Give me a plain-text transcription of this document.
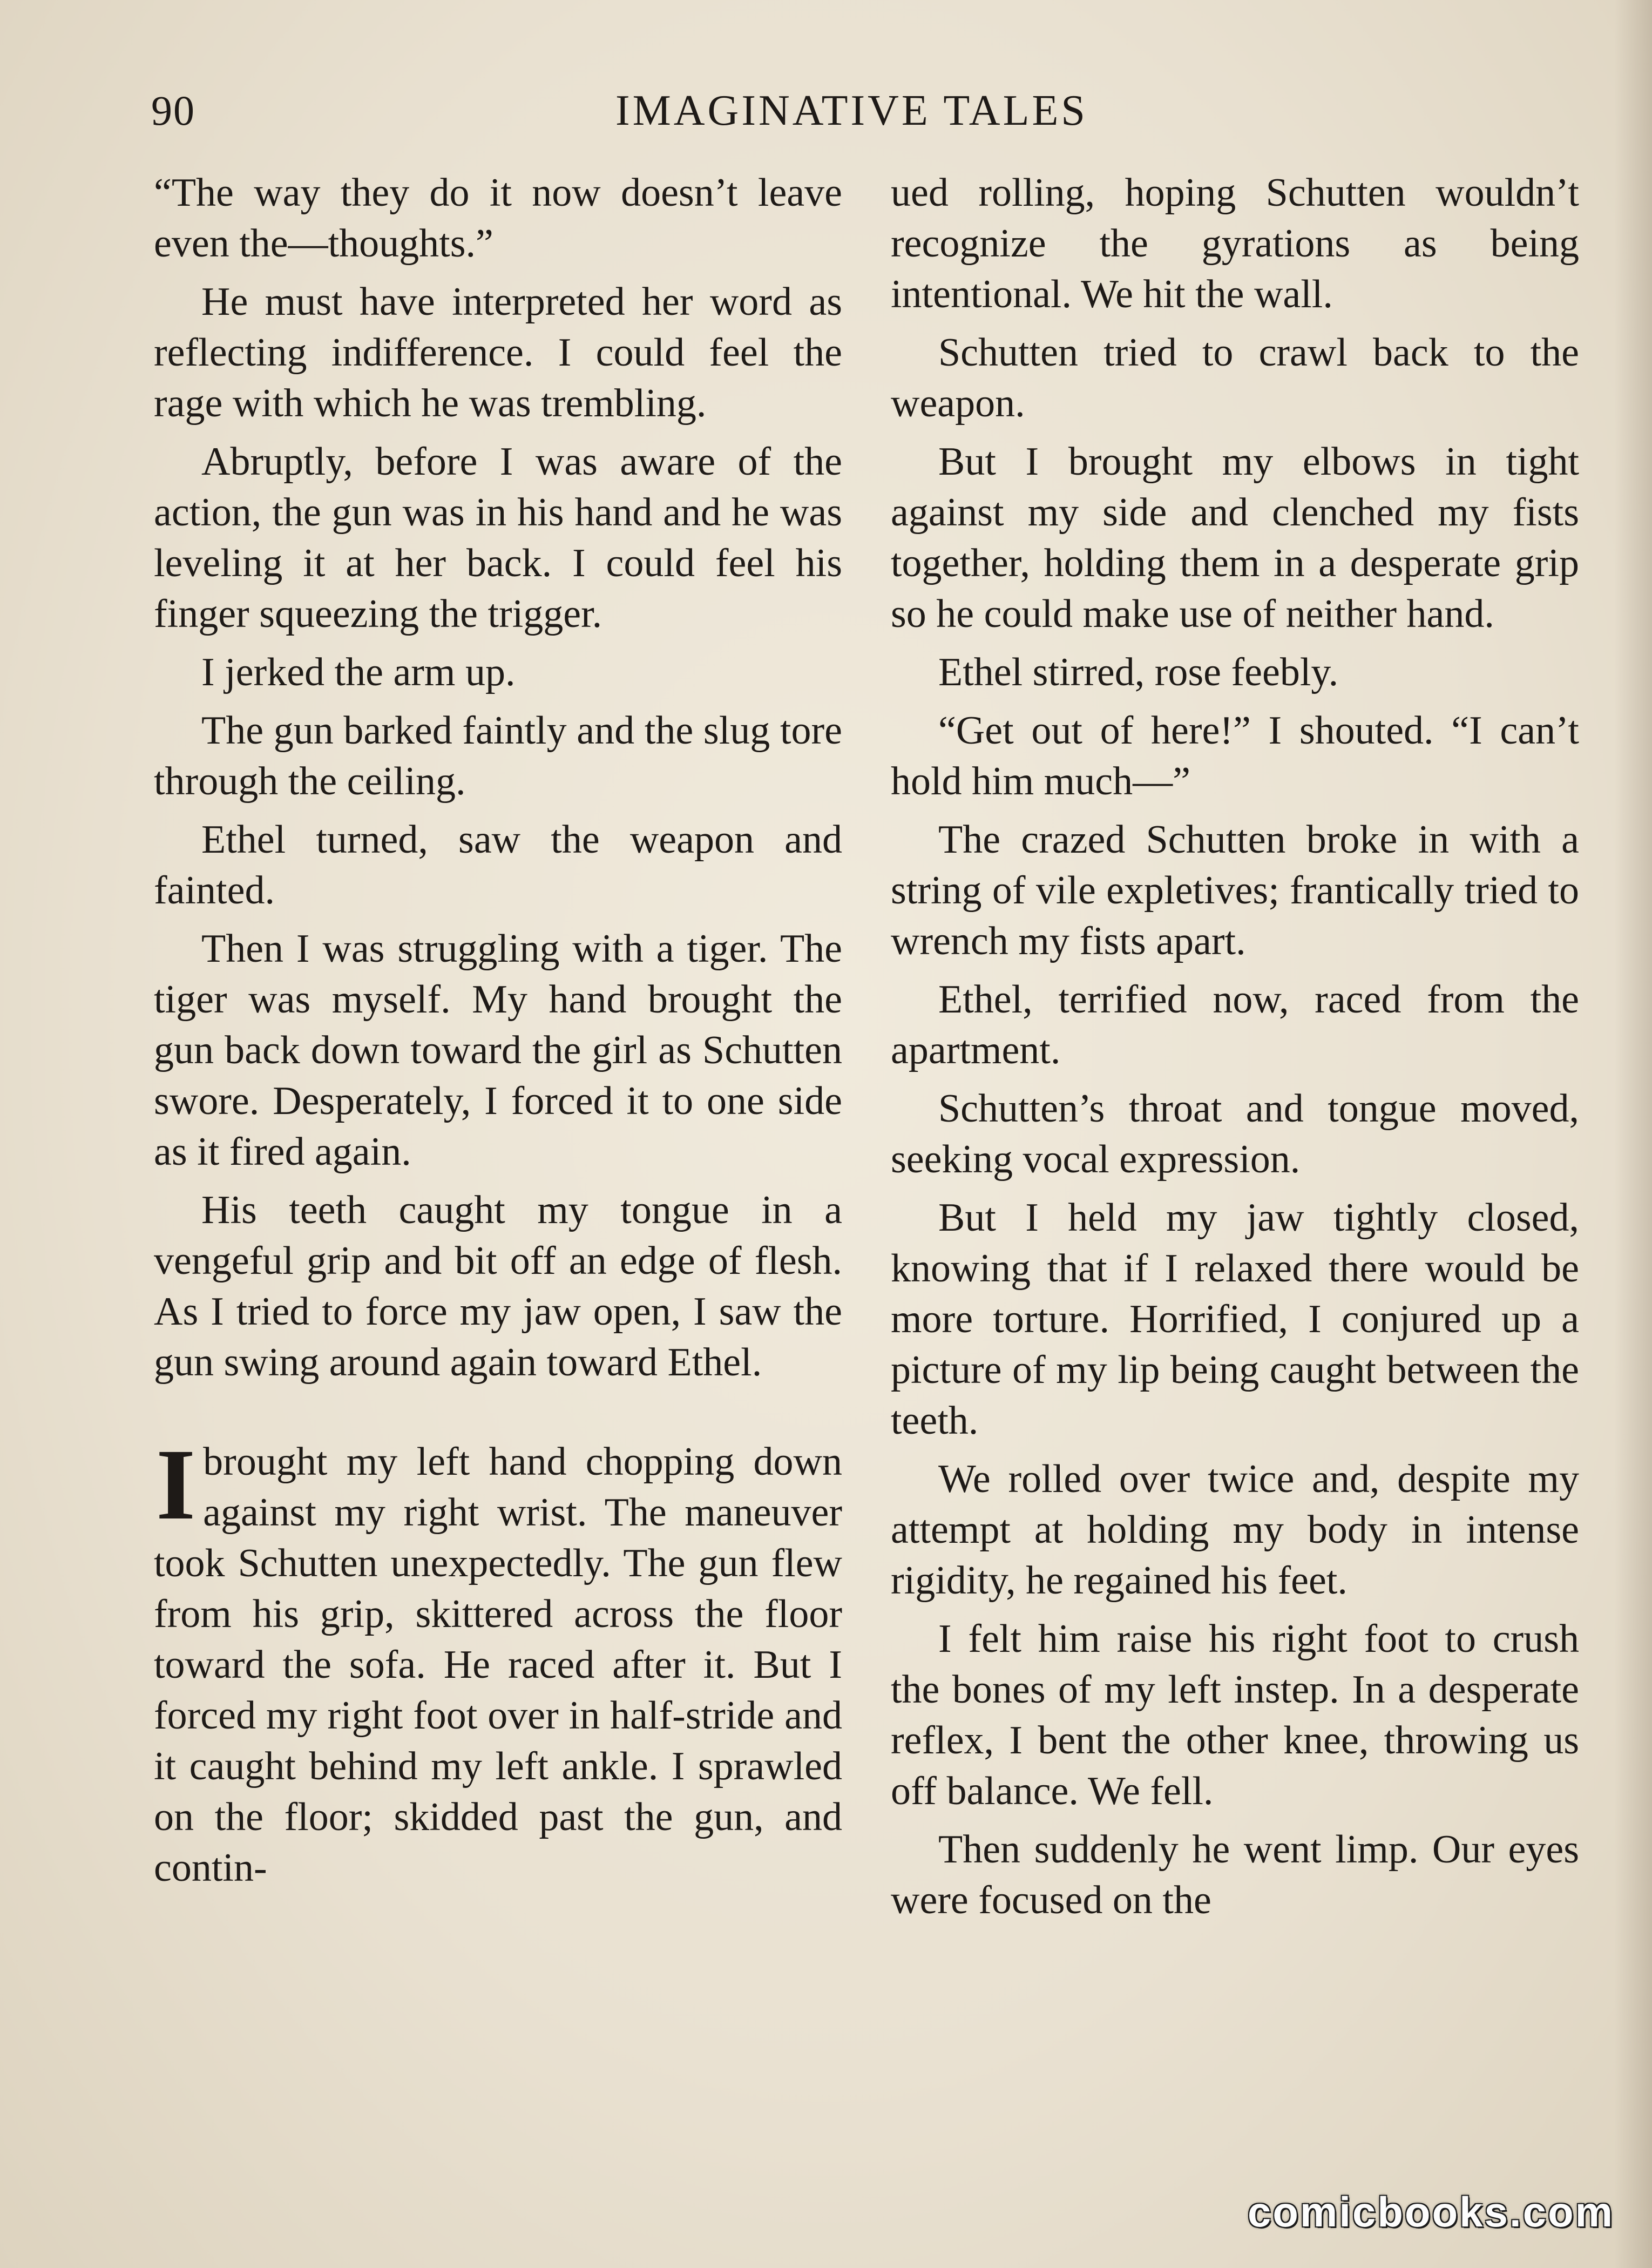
90	IMAGINATIVE TALES

“The way they do it now doesn’t leave even the—thoughts.”

He must have interpreted her word as reflecting indifference. I could feel the rage with which he was trembling.

Abruptly, before I was aware of the action, the gun was in his hand and he was leveling it at her back. I could feel his finger squeezing the trigger.

I jerked the arm up.

The gun barked faintly and the slug tore through the ceiling.

Ethel turned, saw the weapon and fainted.

Then I was struggling with a tiger. The tiger was myself. My hand brought the gun back down toward the girl as Schutten swore. Desperately, I forced it to one side as it fired again.

His teeth caught my tongue in a vengeful grip and bit off an edge of flesh. As I tried to force my jaw open, I saw the gun swing around again toward Ethel.

I brought my left hand chopping down against my right wrist. The maneuver took Schutten unexpectedly. The gun flew from his grip, skittered across the floor toward the sofa. He raced after it. But I forced my right foot over in half-stride and it caught behind my left ankle. I sprawled on the floor; skidded past the gun, and contin-

ued rolling, hoping Schutten wouldn’t recognize the gyrations as being intentional. We hit the wall.

Schutten tried to crawl back to the weapon.

But I brought my elbows in tight against my side and clenched my fists together, holding them in a desperate grip so he could make use of neither hand.

Ethel stirred, rose feebly.

“Get out of here!” I shouted. “I can’t hold him much—”

The crazed Schutten broke in with a string of vile expletives; frantically tried to wrench my fists apart.

Ethel, terrified now, raced from the apartment.

Schutten’s throat and tongue moved, seeking vocal expression.

But I held my jaw tightly closed, knowing that if I relaxed there would be more torture. Horrified, I conjured up a picture of my lip being caught between the teeth.

We rolled over twice and, despite my attempt at holding my body in intense rigidity, he regained his feet.

I felt him raise his right foot to crush the bones of my left instep. In a desperate reflex, I bent the other knee, throwing us off balance. We fell.

Then suddenly he went limp. Our eyes were focused on the

comicbooks.com
